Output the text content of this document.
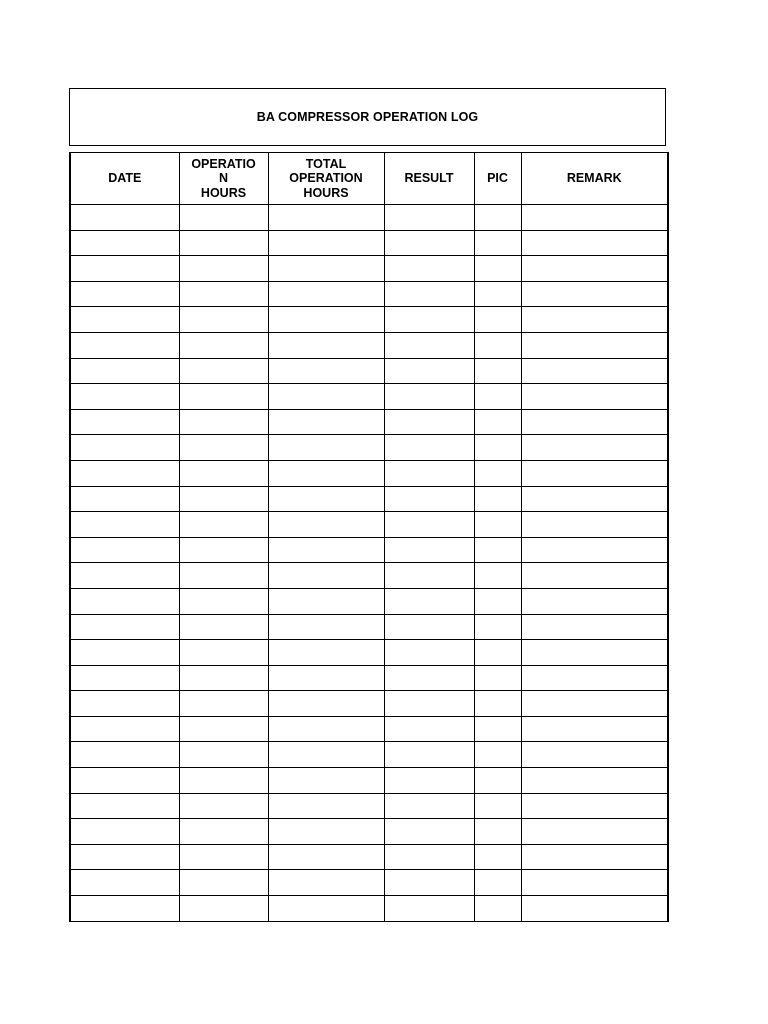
BA COMPRESSOR OPERATION LOG
DATE	OPERATIO
N
HOURS	TOTAL
OPERATION
HOURS	RESULT	PIC	REMARK
